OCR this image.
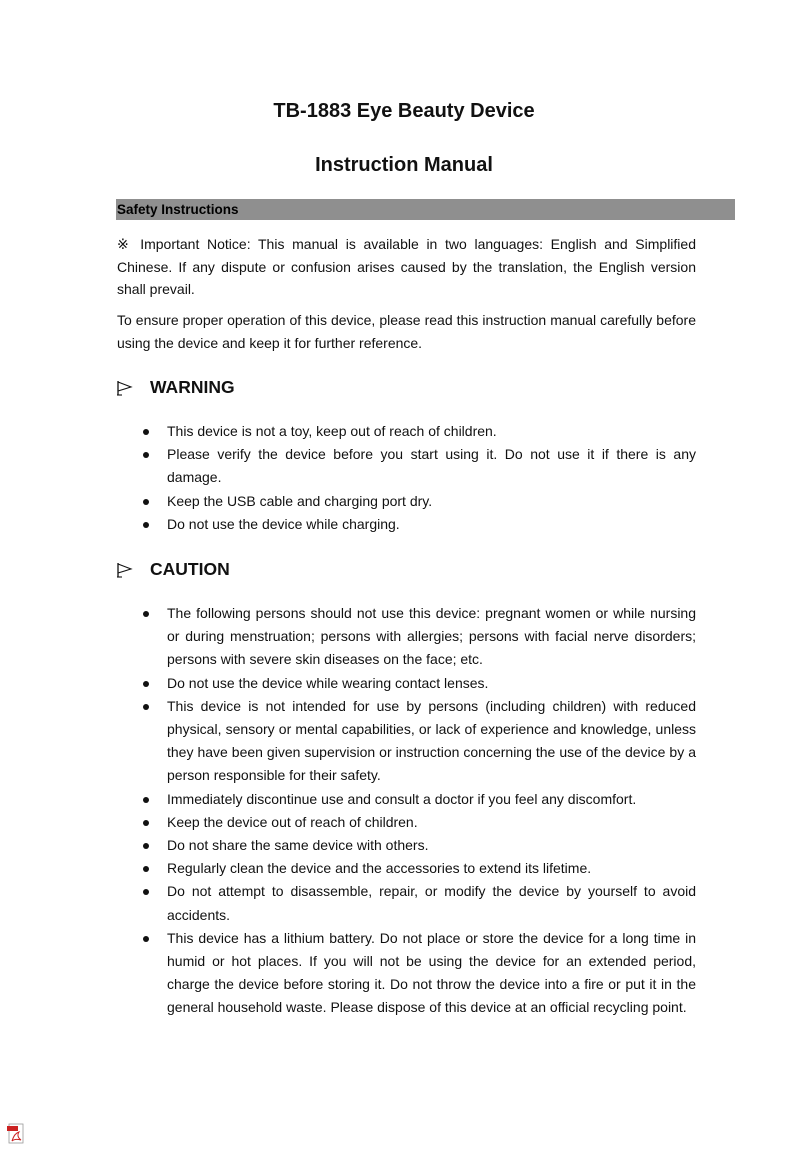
TB-1883 Eye Beauty Device
Instruction Manual
Safety Instructions

※ Important Notice: This manual is available in two languages: English and Simplified Chinese. If any dispute or confusion arises caused by the translation, the English version shall prevail.

To ensure proper operation of this device, please read this instruction manual carefully before using the device and keep it for further reference.

WARNING
This device is not a toy, keep out of reach of children.
Please verify the device before you start using it. Do not use it if there is any damage.
Keep the USB cable and charging port dry.
Do not use the device while charging.
CAUTION
The following persons should not use this device: pregnant women or while nursing or during menstruation; persons with allergies; persons with facial nerve disorders; persons with severe skin diseases on the face; etc.
Do not use the device while wearing contact lenses.
This device is not intended for use by persons (including children) with reduced physical, sensory or mental capabilities, or lack of experience and knowledge, unless they have been given supervision or instruction concerning the use of the device by a person responsible for their safety.
Immediately discontinue use and consult a doctor if you feel any discomfort.
Keep the device out of reach of children.
Do not share the same device with others.
Regularly clean the device and the accessories to extend its lifetime.
Do not attempt to disassemble, repair, or modify the device by yourself to avoid accidents.
This device has a lithium battery. Do not place or store the device for a long time in humid or hot places. If you will not be using the device for an extended period, charge the device before storing it. Do not throw the device into a fire or put it in the general household waste. Please dispose of this device at an official recycling point.
